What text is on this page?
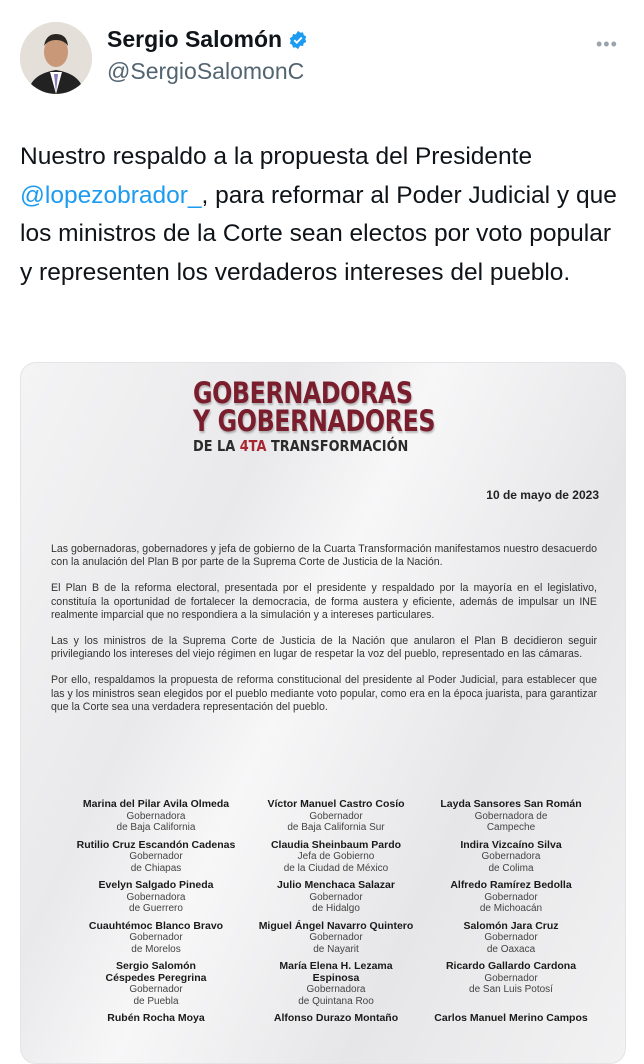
Sergio Salomón
@SergioSalomonC
•••
Nuestro respaldo a la propuesta del Presidente @lopezobrador_, para reformar al Poder Judicial y que los ministros de la Corte sean electos por voto popular y representen los verdaderos intereses del pueblo.
GOBERNADORAS
Y GOBERNADORES
DE LA 4TA TRANSFORMACIÓN
10 de mayo de 2023

Las gobernadoras, gobernadores y jefa de gobierno de la Cuarta Transformación manifestamos nuestro desacuerdo con la anulación del Plan B por parte de la Suprema Corte de Justicia de la Nación.

El Plan B de la reforma electoral, presentada por el presidente y respaldado por la mayoría en el legislativo, constituía la oportunidad de fortalecer la democracia, de forma austera y eficiente, además de impulsar un INE realmente imparcial que no respondiera a la simulación y a intereses particulares.

Las y los ministros de la Suprema Corte de Justicia de la Nación que anularon el Plan B decidieron seguir privilegiando los intereses del viejo régimen en lugar de respetar la voz del pueblo, representado en las cámaras.

Por ello, respaldamos la propuesta de reforma constitucional del presidente al Poder Judicial, para establecer que las y los ministros sean elegidos por el pueblo mediante voto popular, como era en la época juarista, para garantizar que la Corte sea una verdadera representación del pueblo.

Marina del Pilar Avila Olmeda
Gobernadora
de Baja California
Víctor Manuel Castro Cosío
Gobernador
de Baja California Sur
Layda Sansores San Román
Gobernadora de
Campeche
Rutilio Cruz Escandón Cadenas
Gobernador
de Chiapas
Claudia Sheinbaum Pardo
Jefa de Gobierno
de la Ciudad de México
Indira Vizcaíno Silva
Gobernadora
de Colima
Evelyn Salgado Pineda
Gobernadora
de Guerrero
Julio Menchaca Salazar
Gobernador
de Hidalgo
Alfredo Ramírez Bedolla
Gobernador
de Michoacán
Cuauhtémoc Blanco Bravo
Gobernador
de Morelos
Miguel Ángel Navarro Quintero
Gobernador
de Nayarit
Salomón Jara Cruz
Gobernador
de Oaxaca
Sergio Salomón Céspedes Peregrina
Gobernador
de Puebla
María Elena H. Lezama Espinosa
Gobernadora
de Quintana Roo
Ricardo Gallardo Cardona
Gobernador
de San Luis Potosí
Rubén Rocha Moya	Alfonso Durazo Montaño	Carlos Manuel Merino Campos
